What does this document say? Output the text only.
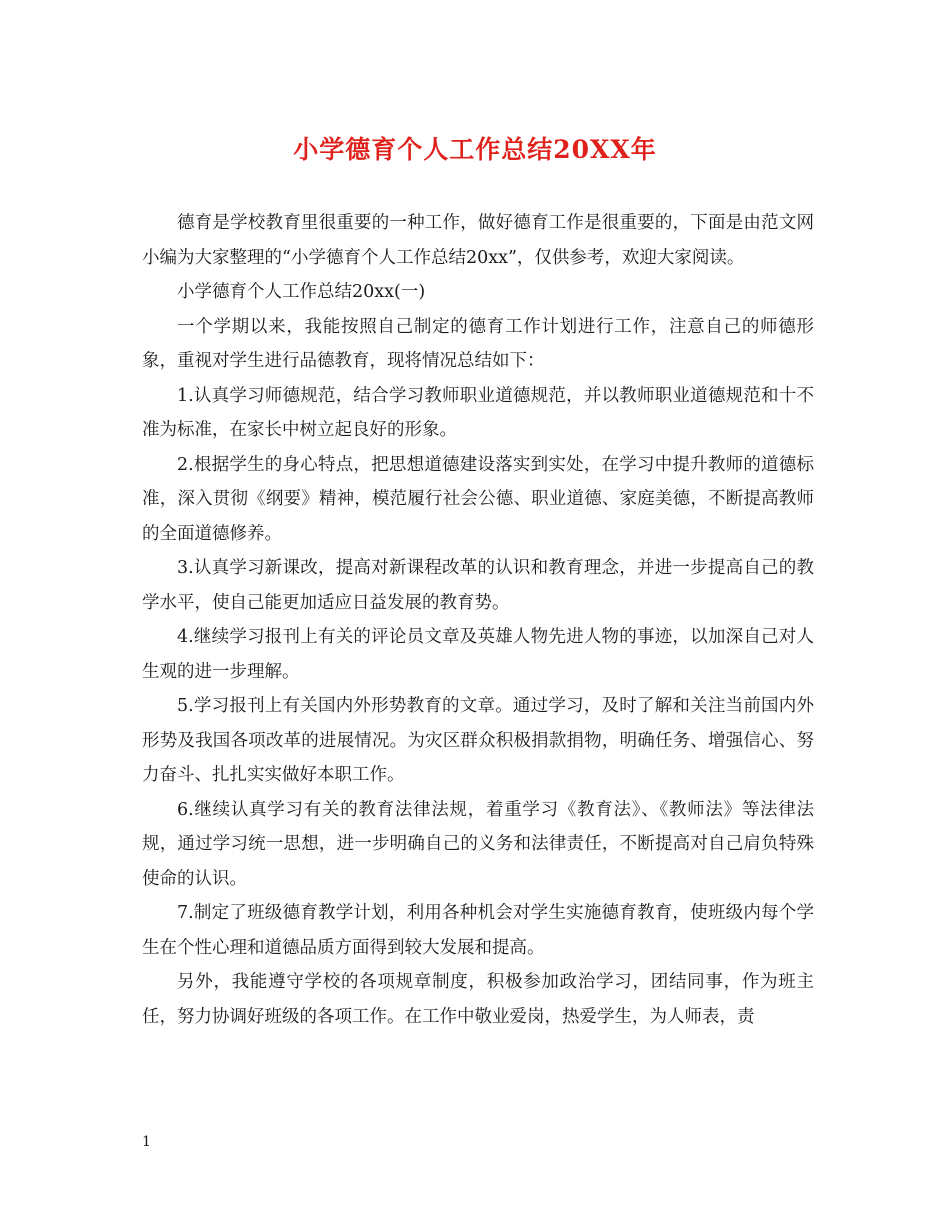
小学德育个人工作总结20XX年

德育是学校教育里很重要的一种工作，做好德育工作是很重要的，下面是由范文网小编为大家整理的“小学德育个人工作总结20xx”，仅供参考，欢迎大家阅读。

小学德育个人工作总结20xx(一)

一个学期以来，我能按照自己制定的德育工作计划进行工作，注意自己的师德形象，重视对学生进行品德教育，现将情况总结如下：

1.认真学习师德规范，结合学习教师职业道德规范，并以教师职业道德规范和十不准为标准，在家长中树立起良好的形象。

2.根据学生的身心特点，把思想道德建设落实到实处，在学习中提升教师的道德标准，深入贯彻《纲要》精神，模范履行社会公德、职业道德、家庭美德，不断提高教师的全面道德修养。

3.认真学习新课改，提高对新课程改革的认识和教育理念，并进一步提高自己的教学水平，使自己能更加适应日益发展的教育势。

4.继续学习报刊上有关的评论员文章及英雄人物先进人物的事迹，以加深自己对人生观的进一步理解。

5.学习报刊上有关国内外形势教育的文章。通过学习，及时了解和关注当前国内外形势及我国各项改革的进展情况。为灾区群众积极捐款捐物，明确任务、增强信心、努力奋斗、扎扎实实做好本职工作。

6.继续认真学习有关的教育法律法规，着重学习《教育法》、《教师法》等法律法规，通过学习统一思想，进一步明确自己的义务和法律责任，不断提高对自己肩负特殊使命的认识。

7.制定了班级德育教学计划，利用各种机会对学生实施德育教育，使班级内每个学生在个性心理和道德品质方面得到较大发展和提高。

另外，我能遵守学校的各项规章制度，积极参加政治学习，团结同事，作为班主任，努力协调好班级的各项工作。在工作中敬业爱岗，热爱学生，为人师表，责

1
